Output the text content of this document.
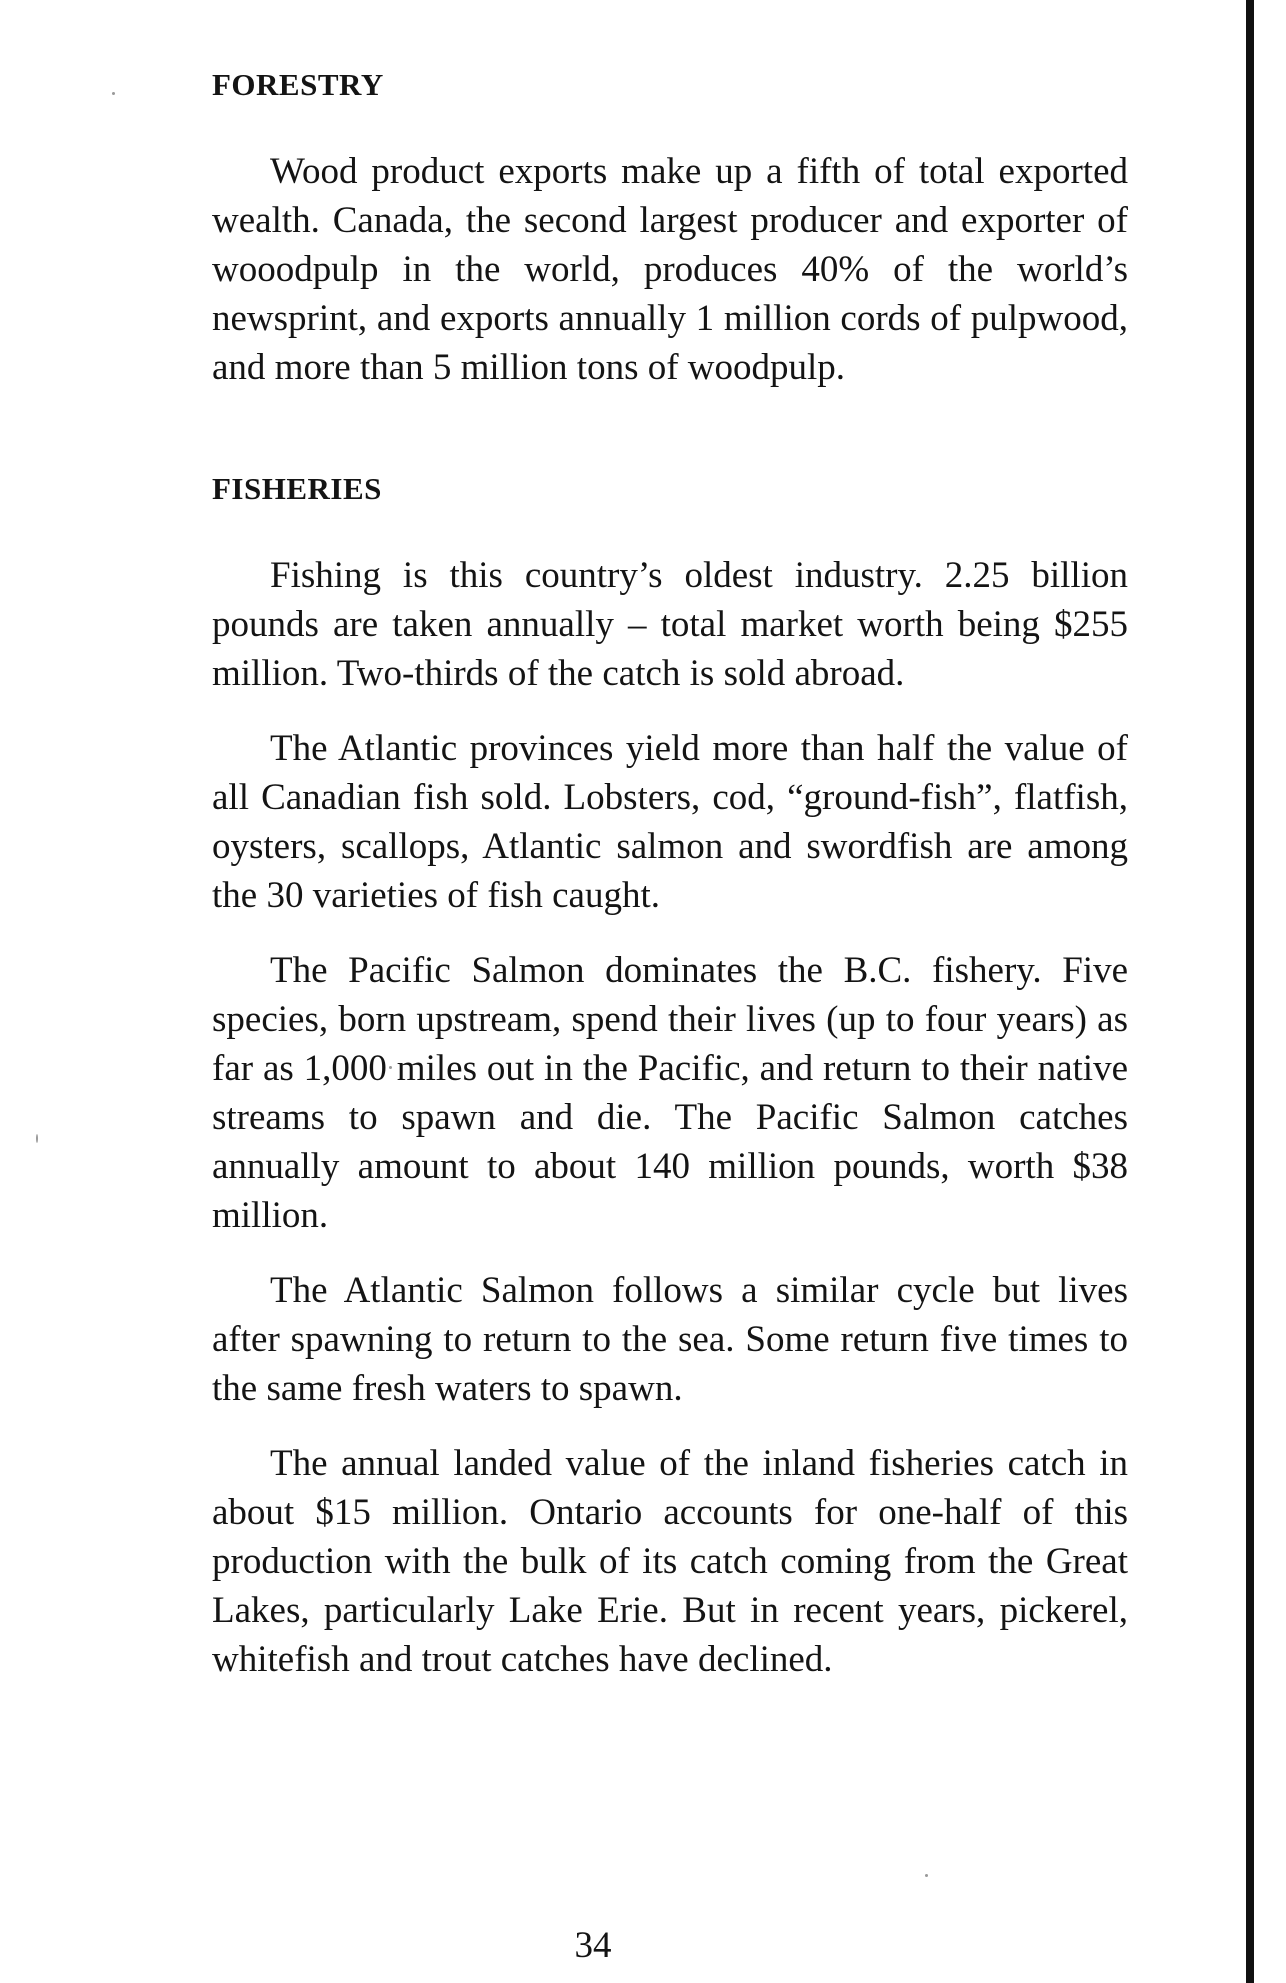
FORESTRY

Wood product exports make up a fifth of total exported wealth. Canada, the second largest producer and exporter of wooodpulp in the world, produces 40% of the world’s newsprint, and exports annually 1 million cords of pulpwood, and more than 5 million tons of woodpulp.

FISHERIES

Fishing is this country’s oldest industry. 2.25 billion pounds are taken annually – total market worth being $255 million. Two-thirds of the catch is sold abroad.

The Atlantic provinces yield more than half the value of all Canadian fish sold. Lobsters, cod, “ground-fish”, flatfish, oysters, scallops, Atlantic salmon and swordfish are among the 30 varieties of fish caught.

The Pacific Salmon dominates the B.C. fishery. Five species, born upstream, spend their lives (up to four years) as far as 1,000 miles out in the Pacific, and return to their native streams to spawn and die. The Pacific Salmon catches annually amount to about 140 million pounds, worth $38 million.

The Atlantic Salmon follows a similar cycle but lives after spawning to return to the sea. Some return five times to the same fresh waters to spawn.

The annual landed value of the inland fisheries catch in about $15 million. Ontario accounts for one-half of this production with the bulk of its catch coming from the Great Lakes, particularly Lake Erie. But in recent years, pickerel, whitefish and trout catches have declined.

34
